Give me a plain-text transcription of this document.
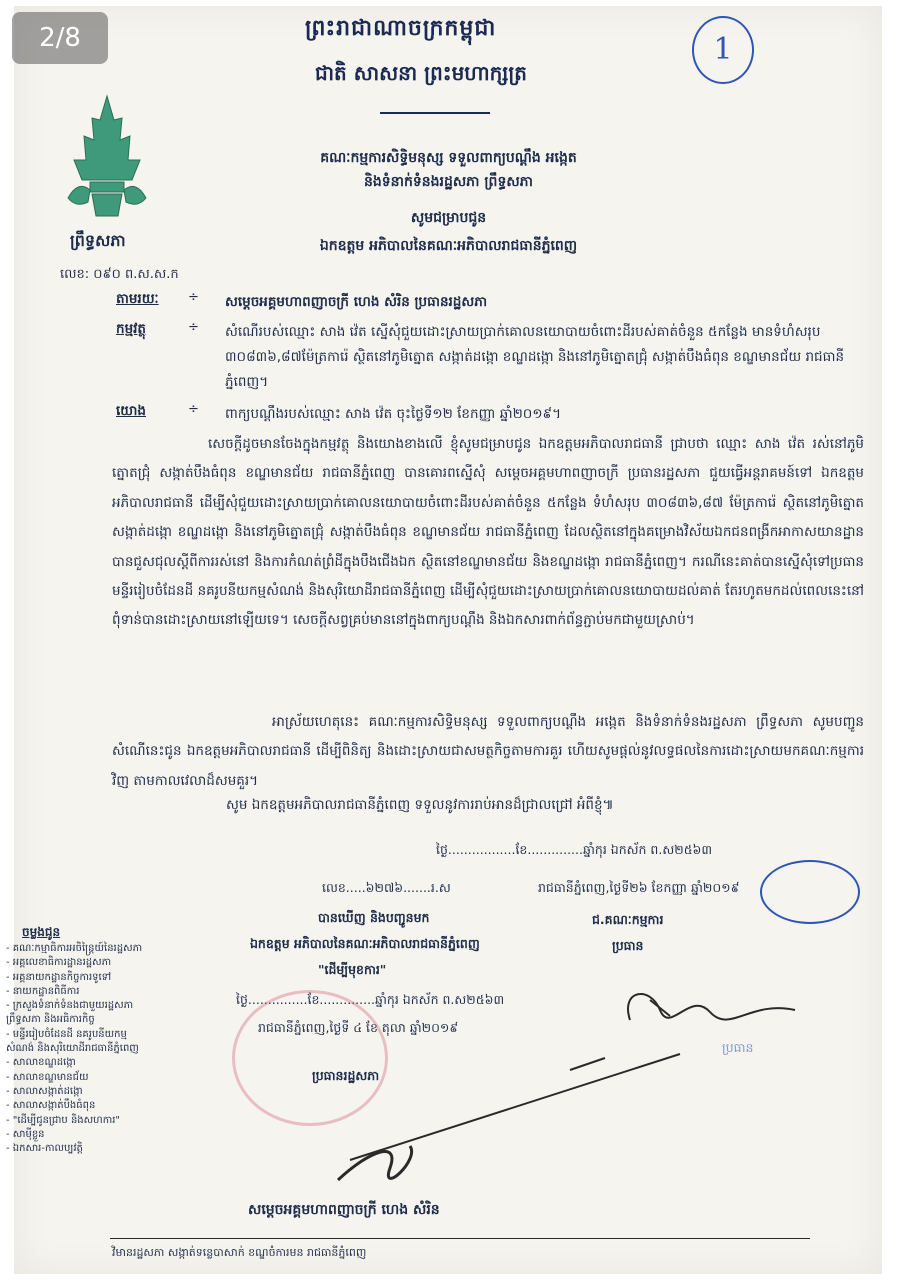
2/8	ព្រះរាជាណាចក្រកម្ពុជា
ជាតិ សាសនា ព្រះមហាក្សត្រ
1
ព្រឹទ្ធសភា
លេខ: ០៩០ ព.ស.ស.ក
គណៈកម្មការសិទ្ធិមនុស្ស ទទួលពាក្យបណ្តឹង អង្កេត
និងទំនាក់ទំនងរដ្ឋសភា ព្រឹទ្ធសភា
សូមជម្រាបជូន
ឯកឧត្តម អភិបាលនៃគណៈអភិបាលរាជធានីភ្នំពេញ
តាមរយៈ ÷ សម្តេចអគ្គមហាពញាចក្រី ហេង សំរិន ប្រធានរដ្ឋសភា
កម្មវត្ថុ	÷ សំណើរបស់ឈ្មោះ សាង វ៉េត ស្នើសុំជួយដោះស្រាយប្រាក់គោលនយោបាយចំពោះដីរបស់គាត់ចំនួន ៥កន្លែង មានទំហំសរុប ៣០៨៣៦,៨៧ម៉ែត្រការ៉េ ស្ថិតនៅភូមិត្នោត សង្កាត់ដង្កោ ខណ្ឌដង្កោ និងនៅភូមិត្នោតជ្រុំ សង្កាត់បឹងធំពុន ខណ្ឌមានជ័យ រាជធានីភ្នំពេញ។
យោង	÷ ពាក្យបណ្តឹងរបស់ឈ្មោះ សាង វ៉េត ចុះថ្ងៃទី១២ ខែកញ្ញា ឆ្នាំ២០១៩។
សេចក្តីដូចមានចែងក្នុងកម្មវត្ថុ និងយោងខាងលើ ខ្ញុំសូមជម្រាបជូន ឯកឧត្តមអភិបាលរាជធានី ជ្រាបថា ឈ្មោះ សាង វ៉េត រស់នៅភូមិត្នោតជ្រុំ សង្កាត់បឹងធំពុន ខណ្ឌមានជ័យ រាជធានីភ្នំពេញ បានគោរពស្នើសុំ សម្តេចអគ្គមហាពញាចក្រី ប្រធានរដ្ឋសភា ជួយធ្វើអន្តរាគមន៍ទៅ ឯកឧត្តមអភិបាលរាជធានី ដើម្បីសុំជួយដោះស្រាយប្រាក់គោលនយោបាយចំពោះដីរបស់គាត់ចំនួន ៥កន្លែង ទំហំសរុប ៣០៨៣៦,៨៧ ម៉ែត្រការ៉េ ស្ថិតនៅភូមិត្នោត សង្កាត់ដង្កោ ខណ្ឌដង្កោ និងនៅភូមិត្នោតជ្រុំ សង្កាត់បឹងធំពុន ខណ្ឌមានជ័យ រាជធានីភ្នំពេញ ដែលស្ថិតនៅក្នុងគម្រោងវិស័យឯកជនពង្រីកអាកាសយានដ្ឋាន បានជួសជុលស្តីពីការរស់នៅ និងការកំណត់ព្រំដីក្នុងបឹងជើងឯក ស្ថិតនៅខណ្ឌមានជ័យ និងខណ្ឌដង្កោ រាជធានីភ្នំពេញ។ ករណីនេះគាត់បានស្នើសុំទៅប្រធានមន្ទីររៀបចំដែនដី នគរូបនីយកម្មសំណង់ និងសុរិយោដីរាជធានីភ្នំពេញ ដើម្បីសុំជួយដោះស្រាយប្រាក់គោលនយោបាយដល់គាត់ តែរហូតមកដល់ពេលនេះនៅពុំទាន់បានដោះស្រាយនៅឡើយទេ។ សេចក្តីសព្វគ្រប់មាននៅក្នុងពាក្យបណ្តឹង និងឯកសារពាក់ព័ន្ធភ្ជាប់មកជាមួយស្រាប់។
អាស្រ័យហេតុនេះ គណៈកម្មការសិទ្ធិមនុស្ស ទទួលពាក្យបណ្តឹង អង្កេត និងទំនាក់ទំនងរដ្ឋសភា ព្រឹទ្ធសភា សូមបញ្ជូនសំណើនេះជូន ឯកឧត្តមអភិបាលរាជធានី ដើម្បីពិនិត្យ និងដោះស្រាយជាសមត្ថកិច្ចតាមការគួរ ហើយសូមផ្តល់នូវលទ្ធផលនៃការដោះស្រាយមកគណៈកម្មការវិញ តាមកាលវេលាដ៏សមគួរ។
សូម ឯកឧត្តមអភិបាលរាជធានីភ្នំពេញ ទទួលនូវការរាប់អានដ៏ជ្រាលជ្រៅ អំពីខ្ញុំ៕
ថ្ងៃ.................ខែ..............ឆ្នាំកុរ ឯកស័ក ព.ស២៥៦៣
រាជធានីភ្នំពេញ,ថ្ងៃទី២៦ ខែកញ្ញា ឆ្នាំ២០១៩
ជ.គណៈកម្មការ
ប្រធាន
លេខ.....៦២៧៦.......រ.ស
បានឃើញ និងបញ្ជូនមក
ឯកឧត្តម អភិបាលនៃគណៈអភិបាលរាជធានីភ្នំពេញ
"ដើម្បីមុខការ"
ថ្ងៃ...............ខែ..............ឆ្នាំកុរ ឯកស័ក ព.ស២៥៦៣
រាជធានីភ្នំពេញ,ថ្ងៃទី ៤ ខែ តុលា ឆ្នាំ២០១៩
ប្រធានរដ្ឋសភា
សម្តេចអគ្គមហាពញាចក្រី ហេង សំរិន
ប្រធាន
ចម្លងជូន
- គណៈកម្មាធិការអចិន្ត្រៃយ៍នៃរដ្ឋសភា
- អគ្គលេខាធិការដ្ឋានរដ្ឋសភា
- អគ្គនាយកដ្ឋានកិច្ចការទូទៅ
- នាយកដ្ឋានពិធីការ
- ក្រសួងទំនាក់ទំនងជាមួយរដ្ឋសភា
ព្រឹទ្ធសភា និងអធិការកិច្ច
- មន្ទីររៀបចំដែនដី នគរូបនីយកម្ម
សំណង់ និងសុរិយោដីរាជធានីភ្នំពេញ
- សាលាខណ្ឌដង្កោ
- សាលាខណ្ឌមានជ័យ
- សាលាសង្កាត់ដង្កោ
- សាលាសង្កាត់បឹងធំពុន
- "ដើម្បីជូនជ្រាប និងសហការ"
- សាម៉ីខ្លួន
- ឯកសារ-កាលប្បវត្តិ
វិមានរដ្ឋសភា សង្កាត់ទន្លេបាសាក់ ខណ្ឌចំការមន រាជធានីភ្នំពេញ
